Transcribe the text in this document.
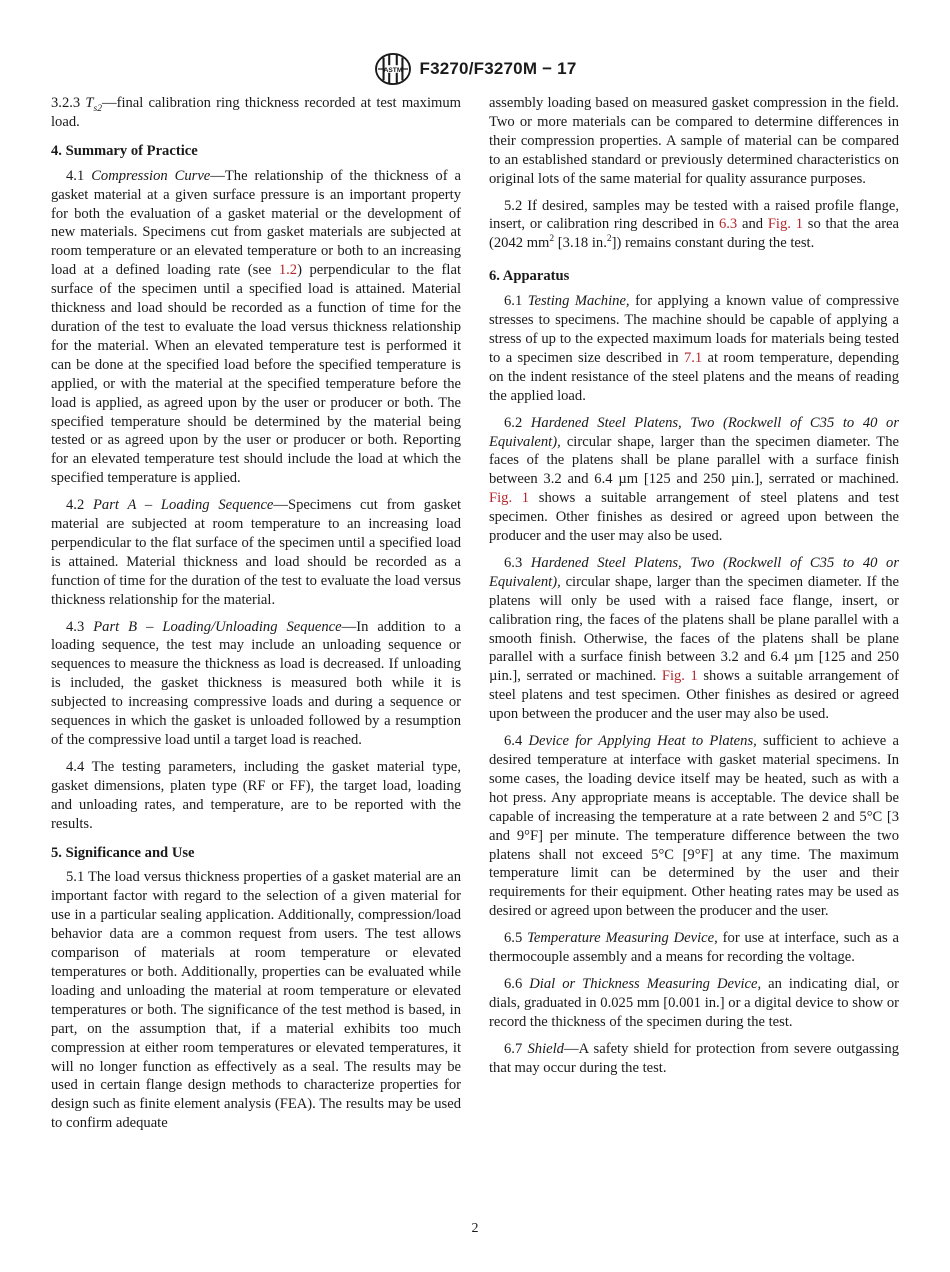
ASTM F3270/F3270M − 17

3.2.3 $T_{s2}—final$ calibration ring thickness recorded at test maximum load.

4. Summary of Practice

4.1 Compression Curve—The relationship of the thickness of a gasket material at a given surface pressure is an important property for both the evaluation of a gasket material or the development of new materials. Specimens cut from gasket materials are subjected at room temperature or an elevated temperature or both to an increasing load at a defined loading rate (see 1.2) perpendicular to the flat surface of the specimen until a specified load is attained. Material thickness and load should be recorded as a function of time for the duration of the test to evaluate the load versus thickness relationship for the material. When an elevated temperature test is performed it can be done at the specified load before the specified temperature is applied, or with the material at the specified temperature before the load is applied, as agreed upon by the user or producer or both. The specified temperature should be determined by the material being tested or as agreed upon by the user or producer or both. Reporting for an elevated temperature test should include the load at which the specified temperature is applied.

4.2 Part A – Loading Sequence—Specimens cut from gasket material are subjected at room temperature to an increasing load perpendicular to the flat surface of the specimen until a specified load is attained. Material thickness and load should be recorded as a function of time for the duration of the test to evaluate the load versus thickness relationship for the material.

4.3 Part B – Loading/Unloading Sequence—In addition to a loading sequence, the test may include an unloading sequence or sequences to measure the thickness as load is decreased. If unloading is included, the gasket thickness is measured both while it is subjected to increasing compressive loads and during a sequence or sequences in which the gasket is unloaded followed by a resumption of the compressive load until a target load is reached.

4.4 The testing parameters, including the gasket material type, gasket dimensions, platen type (RF or FF), the target load, loading and unloading rates, and temperature, are to be reported with the results.

5. Significance and Use

5.1 The load versus thickness properties of a gasket material are an important factor with regard to the selection of a given material for use in a particular sealing application. Additionally, compression/load behavior data are a common request from users. The test allows comparison of materials at room temperature or elevated temperatures or both. Additionally, properties can be evaluated while loading and unloading the material at room temperature or elevated temperatures or both. The significance of the test method is based, in part, on the assumption that, if a material exhibits too much compression at either room temperatures or elevated temperatures, it will no longer function as effectively as a seal. The results may be used in certain flange design methods to characterize properties for design such as finite element analysis (FEA). The results may be used to confirm adequate

assembly loading based on measured gasket compression in the field. Two or more materials can be compared to determine differences in their compression properties. A sample of material can be compared to an established standard or previously determined characteristics on original lots of the same material for quality assurance purposes.

5.2 If desired, samples may be tested with a raised profile flange, insert, or calibration ring described in 6.3 and Fig. 1 so that the area (2042 $mm^2$ [3.18 in.$^2$]) remains constant during the test.

6. Apparatus

6.1 Testing Machine, for applying a known value of compressive stresses to specimens. The machine should be capable of applying a stress of up to the expected maximum loads for materials being tested to a specimen size described in 7.1 at room temperature, depending on the indent resistance of the steel platens and the means of reading the applied load.

6.2 Hardened Steel Platens, Two (Rockwell of C35 to 40 or Equivalent), circular shape, larger than the specimen diameter. The faces of the platens shall be plane parallel with a surface finish between 3.2 and 6.4 µm [125 and 250 µin.], serrated or machined. Fig. 1 shows a suitable arrangement of steel platens and test specimen. Other finishes as desired or agreed upon between the producer and the user may also be used.

6.3 Hardened Steel Platens, Two (Rockwell of C35 to 40 or Equivalent), circular shape, larger than the specimen diameter. If the platens will only be used with a raised face flange, insert, or calibration ring, the faces of the platens shall be plane parallel with a smooth finish. Otherwise, the faces of the platens shall be plane parallel with a surface finish between 3.2 and 6.4 µm [125 and 250 µin.], serrated or machined. Fig. 1 shows a suitable arrangement of steel platens and test specimen. Other finishes as desired or agreed upon between the producer and the user may also be used.

6.4 Device for Applying Heat to Platens, sufficient to achieve a desired temperature at interface with gasket material specimens. In some cases, the loading device itself may be heated, such as with a hot press. Any appropriate means is acceptable. The device shall be capable of increasing the temperature at a rate between 2 and 5°C [3 and 9°F] per minute. The temperature difference between the two platens shall not exceed 5°C [9°F] at any time. The maximum temperature limit can be determined by the user and their requirements for their equipment. Other heating rates may be used as desired or agreed upon between the producer and the user.

6.5 Temperature Measuring Device, for use at interface, such as a thermocouple assembly and a means for recording the voltage.

6.6 Dial or Thickness Measuring Device, an indicating dial, or dials, graduated in 0.025 mm [0.001 in.] or a digital device to show or record the thickness of the specimen during the test.

6.7 Shield—A safety shield for protection from severe outgassing that may occur during the test.

2
